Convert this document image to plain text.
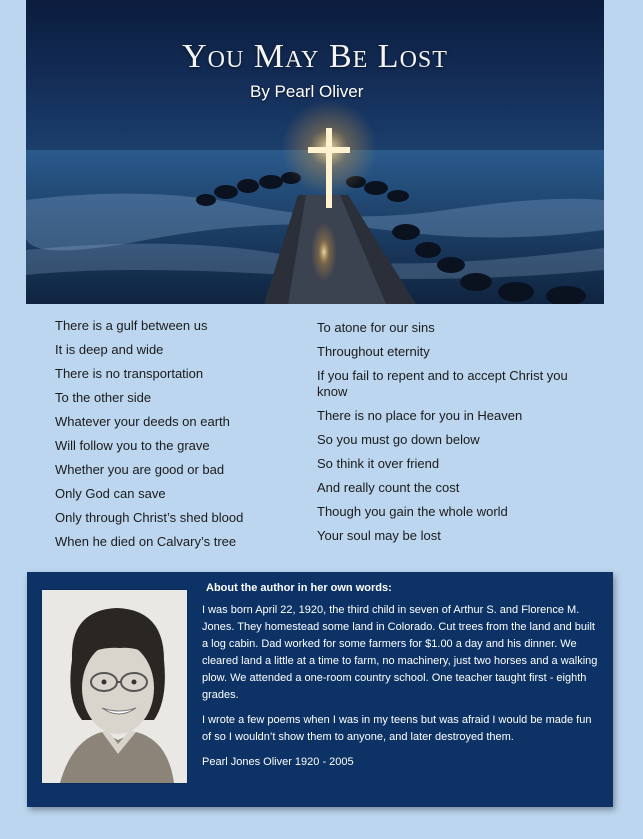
You May Be Lost
By Pearl Oliver
There is a gulf between us
It is deep and wide
There is no transportation
To the other side
Whatever your deeds on earth
Will follow you to the grave
Whether you are good or bad
Only God can save
Only through Christ’s shed blood
When he died on Calvary’s tree
To atone for our sins
Throughout eternity
If you fail to repent and to accept Christ you know
There is no place for you in Heaven
So you must go down below
So think it over friend
And really count the cost
Though you gain the whole world
Your soul may be lost
About the author in her own words:

I was born April 22, 1920, the third child in seven of Arthur S. and Florence M. Jones. They homestead some land in Colorado. Cut trees from the land and built a log cabin. Dad worked for some farmers for $1.00 a day and his dinner. We cleared land a little at a time to farm, no machinery, just two horses and a walking plow. We attended a one-room country school. One teacher taught first - eighth grades.

I wrote a few poems when I was in my teens but was afraid I would be made fun of so I wouldn’t show them to anyone, and later destroyed them.

Pearl Jones Oliver 1920 - 2005
